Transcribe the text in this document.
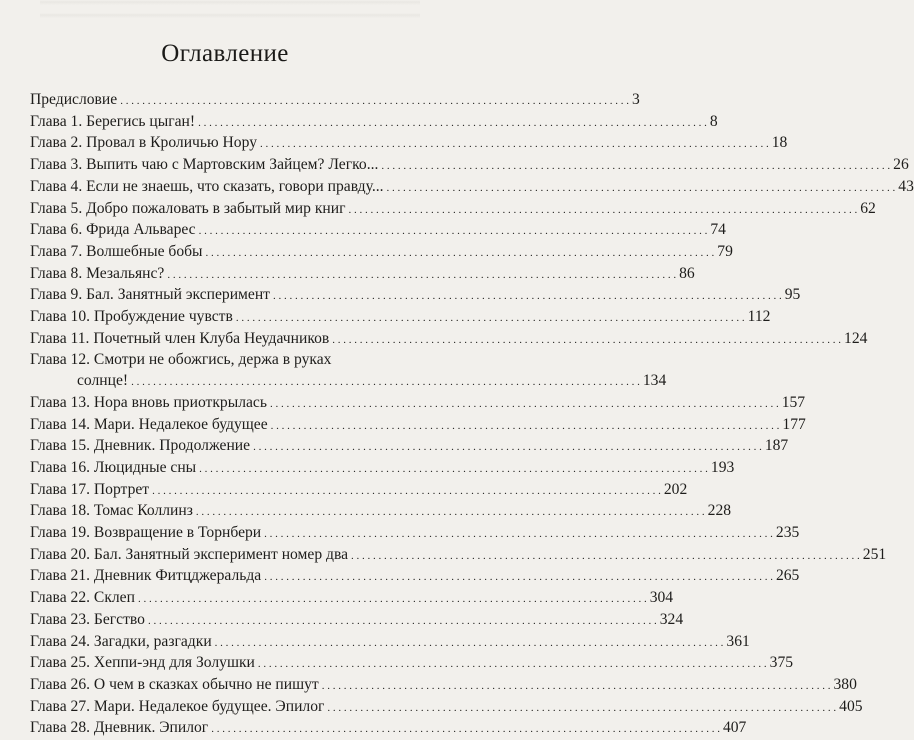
Оглавление
Предисловие . . .	3
Глава 1. Берегись цыган! . . .	8
Глава 2. Провал в Кроличью Нору . . .	18
Глава 3. Выпить чаю с Мартовским Зайцем? Легко... . . .	26
Глава 4. Если не знаешь, что сказать, говори правду... . . .	43
Глава 5. Добро пожаловать в забытый мир книг . . .	62
Глава 6. Фрида Альварес . . .	74
Глава 7. Волшебные бобы . . .	79
Глава 8. Мезальянс? . . .	86
Глава 9. Бал. Занятный эксперимент . . .	95
Глава 10. Пробуждение чувств . . .	112
Глава 11. Почетный член Клуба Неудачников . . .	124
Глава 12. Смотри не обожгись, держа в руках
солнце! . . .	134
Глава 13. Нора вновь приоткрылась . . .	157
Глава 14. Мари. Недалекое будущее . . .	177
Глава 15. Дневник. Продолжение . . .	187
Глава 16. Люцидные сны . . .	193
Глава 17. Портрет . . .	202
Глава 18. Томас Коллинз . . .	228
Глава 19. Возвращение в Торнбери . . .	235
Глава 20. Бал. Занятный эксперимент номер два . . .	251
Глава 21. Дневник Фитцджеральда . . .	265
Глава 22. Склеп . . .	304
Глава 23. Бегство . . .	324
Глава 24. Загадки, разгадки . . .	361
Глава 25. Хеппи-энд для Золушки . . .	375
Глава 26. О чем в сказках обычно не пишут . . .	380
Глава 27. Мари. Недалекое будущее. Эпилог . . .	405
Глава 28. Дневник. Эпилог . . .	407
